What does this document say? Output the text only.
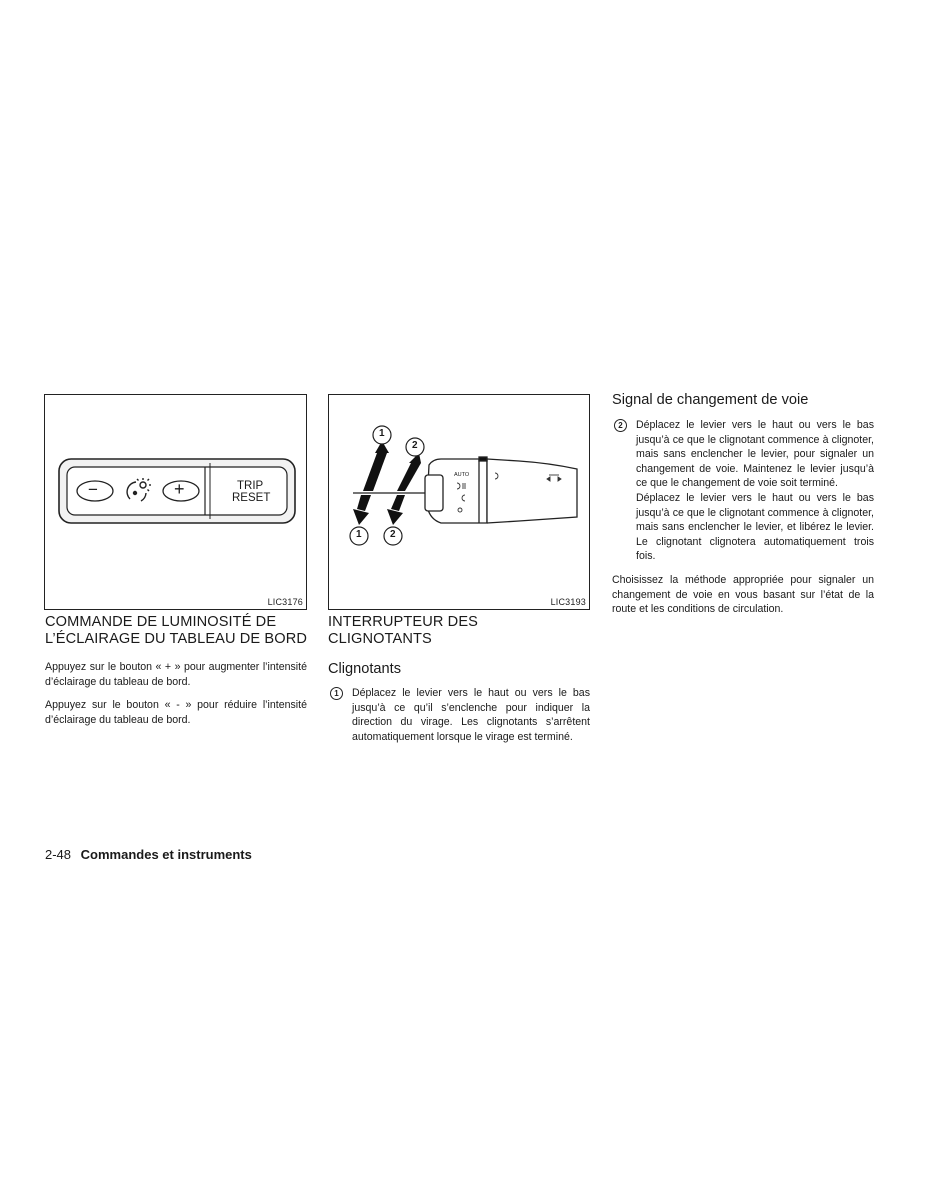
−	+	TRIP
RESET
LIC3176
1
2
1	2
AUTO
LIC3193
COMMANDE DE LUMINOSITÉ DE L’ÉCLAIRAGE DU TABLEAU DE BORD

Appuyez sur le bouton « + » pour augmenter l’intensité d’éclairage du tableau de bord.

Appuyez sur le bouton « - » pour réduire l’intensité d’éclairage du tableau de bord.

INTERRUPTEUR DES CLIGNOTANTS
Clignotants
1	Déplacez le levier vers le haut ou vers le bas jusqu’à ce qu’il s’enclenche pour indiquer la direction du virage. Les clignotants s’arrêtent automatiquement lorsque le virage est terminé.

Signal de changement de voie
2	Déplacez le levier vers le haut ou vers le bas jusqu’à ce que le clignotant commence à clignoter, mais sans enclencher le levier, pour signaler un changement de voie. Maintenez le levier jusqu’à ce que le changement de voie soit terminé.

Déplacez le levier vers le haut ou vers le bas jusqu’à ce que le clignotant commence à clignoter, mais sans enclencher le levier, et libérez le levier. Le clignotant clignotera automatiquement trois fois.

Choisissez la méthode appropriée pour signaler un changement de voie en vous basant sur l’état de la route et les conditions de circulation.

2-48 Commandes et instruments
